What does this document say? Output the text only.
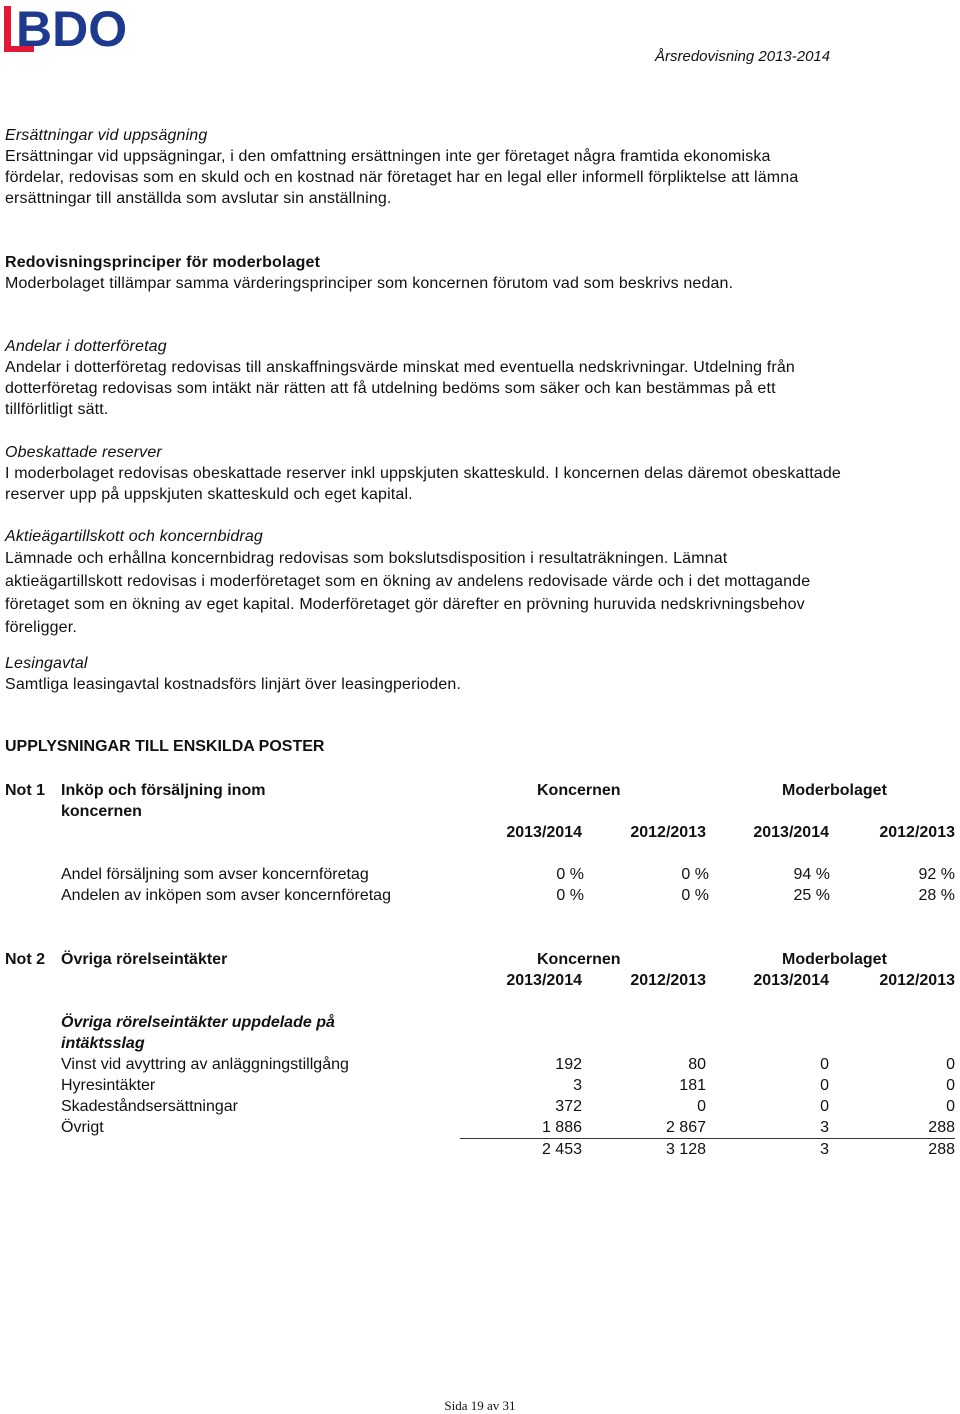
BDO	Årsredovisning 2013-2014

Ersättningar vid uppsägning

Ersättningar vid uppsägningar, i den omfattning ersättningen inte ger företaget några framtida ekonomiska

fördelar, redovisas som en skuld och en kostnad när företaget har en legal eller informell förpliktelse att lämna

ersättningar till anställda som avslutar sin anställning.

Redovisningsprinciper för moderbolaget

Moderbolaget tillämpar samma värderingsprinciper som koncernen förutom vad som beskrivs nedan.

Andelar i dotterföretag

Andelar i dotterföretag redovisas till anskaffningsvärde minskat med eventuella nedskrivningar. Utdelning från

dotterföretag redovisas som intäkt när rätten att få utdelning bedöms som säker och kan bestämmas på ett

tillförlitligt sätt.

Obeskattade reserver

I moderbolaget redovisas obeskattade reserver inkl uppskjuten skatteskuld. I koncernen delas däremot obeskattade

reserver upp på uppskjuten skatteskuld och eget kapital.

Aktieägartillskott och koncernbidrag

Lämnade och erhållna koncernbidrag redovisas som bokslutsdisposition i resultaträkningen. Lämnat

aktieägartillskott redovisas i moderföretaget som en ökning av andelens redovisade värde och i det mottagande

företaget som en ökning av eget kapital. Moderföretaget gör därefter en prövning huruvida nedskrivningsbehov

föreligger.

Lesingavtal

Samtliga leasingavtal kostnadsförs linjärt över leasingperioden.

UPPLYSNINGAR TILL ENSKILDA POSTER
Not 1 Inköp och försäljning inom	Koncernen	Moderbolaget
koncernen
2013/2014	2012/2013	2013/2014	2012/2013
Andel försäljning som avser koncernföretag	0 %	0 %	94 %	92 %
Andelen av inköpen som avser koncernföretag	0 %	0 %	25 %	28 %
Not 2 Övriga rörelseintäkter	Koncernen	Moderbolaget
2013/2014	2012/2013	2013/2014	2012/2013
Övriga rörelseintäkter uppdelade på
intäktsslag
Vinst vid avyttring av anläggningstillgång	192	80	0	0
Hyresintäkter	3	181	0	0
Skadeståndsersättningar	372	0	0	0
Övrigt	1 886	2 867	3	288
2 453	3 128	3	288
Sida 19 av 31
